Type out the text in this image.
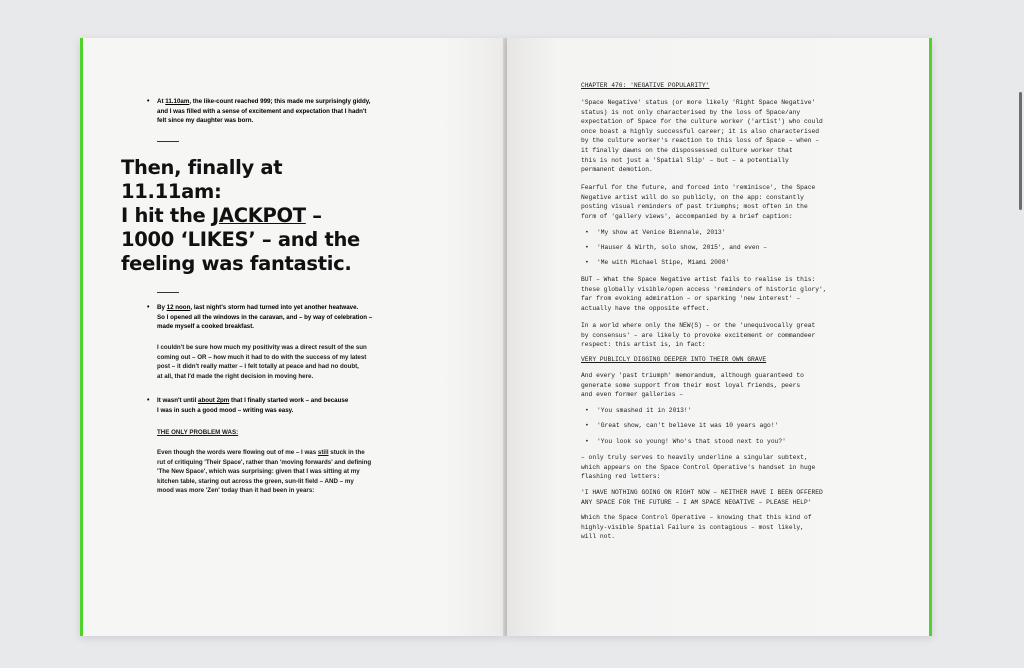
•	At 11.10am, the like-count reached 999; this made me surprisingly giddy,
and I was filled with a sense of excitement and expectation that I hadn't
felt since my daughter was born.
Then, finally at 11.11am:
I hit the JACKPOT –
1000 ‘LIKES’ – and the
feeling was fantastic.
•	By 12 noon, last night's storm had turned into yet another heatwave.
So I opened all the windows in the caravan, and – by way of celebration –
made myself a cooked breakfast.
I couldn't be sure how much my positivity was a direct result of the sun
coming out – OR – how much it had to do with the success of my latest
post – it didn't really matter – I felt totally at peace and had no doubt,
at all, that I'd made the right decision in moving here.
•	It wasn't until about 2pm that I finally started work – and because
I was in such a good mood – writing was easy.
THE ONLY PROBLEM WAS:
Even though the words were flowing out of me – I was still stuck in the
rut of critiquing 'Their Space', rather than 'moving forwards' and defining
'The New Space', which was surprising: given that I was sitting at my
kitchen table, staring out across the green, sun-lit field – AND – my
mood was more 'Zen' today than it had been in years:
CHAPTER 476: 'NEGATIVE POPULARITY'
'Space Negative' status (or more likely 'Right Space Negative'
status) is not only characterised by the loss of Space/any
expectation of Space for the culture worker ('artist') who could
once boast a highly successful career; it is also characterised
by the culture worker's reaction to this loss of Space – when –
it finally dawns on the dispossessed culture worker that
this is not just a 'Spatial Slip' – but – a potentially
permanent demotion.
Fearful for the future, and forced into 'reminisce', the Space
Negative artist will do so publicly, on the app: constantly
posting visual reminders of past triumphs; most often in the
form of 'gallery views', accompanied by a brief caption:
•	'My show at Venice Biennale, 2013'
•	'Hauser & Wirth, solo show, 2015', and even –
•	'Me with Michael Stipe, Miami 2008'
BUT – What the Space Negative artist fails to realise is this:
these globally visible/open access 'reminders of historic glory',
far from evoking admiration – or sparking 'new interest' –
actually have the opposite effect.
In a world where only the NEW(S) – or the 'unequivocally great
by consensus' – are likely to provoke excitement or commandeer
respect: this artist is, in fact:
VERY PUBLICLY DIGGING DEEPER INTO THEIR OWN GRAVE
And every 'past triumph' memorandum, although guaranteed to
generate some support from their most loyal friends, peers
and even former galleries –
•	'You smashed it in 2013!'
•	'Great show, can't believe it was 10 years ago!'
•	'You look so young! Who's that stood next to you?'
– only truly serves to heavily underline a singular subtext,
which appears on the Space Control Operative's handset in huge
flashing red letters:
'I HAVE NOTHING GOING ON RIGHT NOW – NEITHER HAVE I BEEN OFFERED
ANY SPACE FOR THE FUTURE – I AM SPACE NEGATIVE – PLEASE HELP'
Which the Space Control Operative – knowing that this kind of
highly-visible Spatial Failure is contagious – most likely,
will not.
